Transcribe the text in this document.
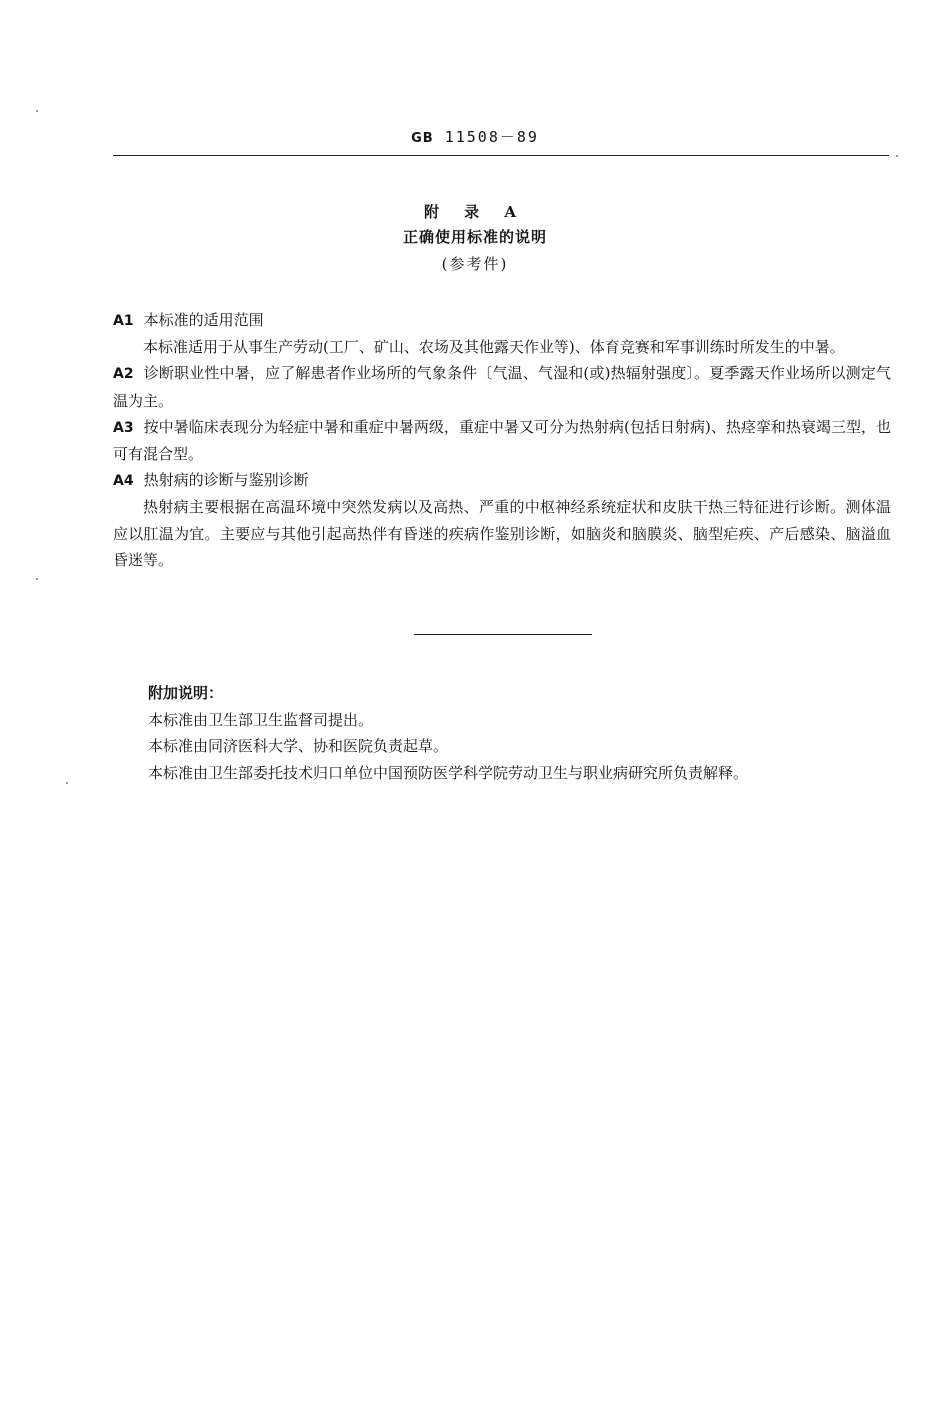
GB 11508－89
附 录 A
正确使用标准的说明
(参考件)

A1 本标准的适用范围

本标准适用于从事生产劳动(工厂、矿山、农场及其他露天作业等)、体育竞赛和军事训练时所发生的中暑。

A2 诊断职业性中暑，应了解患者作业场所的气象条件〔气温、气湿和(或)热辐射强度〕。夏季露天作业场所以测定气温为主。

A3 按中暑临床表现分为轻症中暑和重症中暑两级，重症中暑又可分为热射病(包括日射病)、热痉挛和热衰竭三型，也可有混合型。

A4 热射病的诊断与鉴别诊断

热射病主要根据在高温环境中突然发病以及高热、严重的中枢神经系统症状和皮肤干热三特征进行诊断。测体温应以肛温为宜。主要应与其他引起高热伴有昏迷的疾病作鉴别诊断，如脑炎和脑膜炎、脑型疟疾、产后感染、脑溢血昏迷等。

附加说明：

本标准由卫生部卫生监督司提出。

本标准由同济医科大学、协和医院负责起草。

本标准由卫生部委托技术归口单位中国预防医学科学院劳动卫生与职业病研究所负责解释。
